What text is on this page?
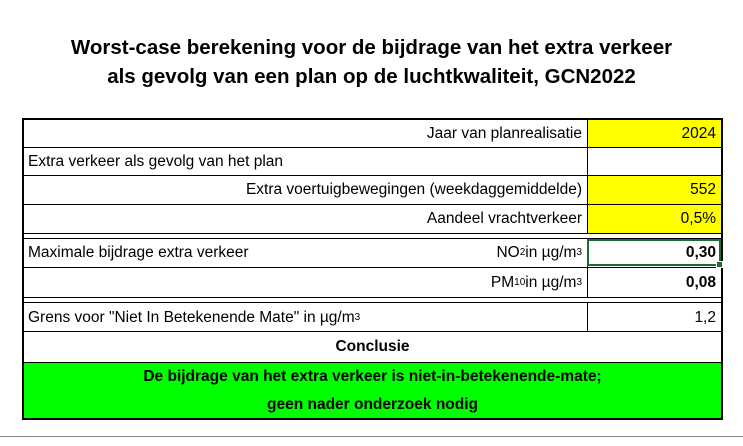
Worst-case berekening voor de bijdrage van het extra verkeer
als gevolg van een plan op de luchtkwaliteit, GCN2022
Jaar van planrealisatie	2024
Extra verkeer als gevolg van het plan
Extra voertuigbewegingen (weekdaggemiddelde)	552
Aandeel vrachtverkeer	0,5%
Maximale bijdrage extra verkeer	NO 2 in µg/m 3	0,30
PM 10 in µg/m 3	0,08
Grens voor "Niet In Betekenende Mate" in µg/m 3	1,2
Conclusie
De bijdrage van het extra verkeer is niet-in-betekenende-mate;
geen nader onderzoek nodig
